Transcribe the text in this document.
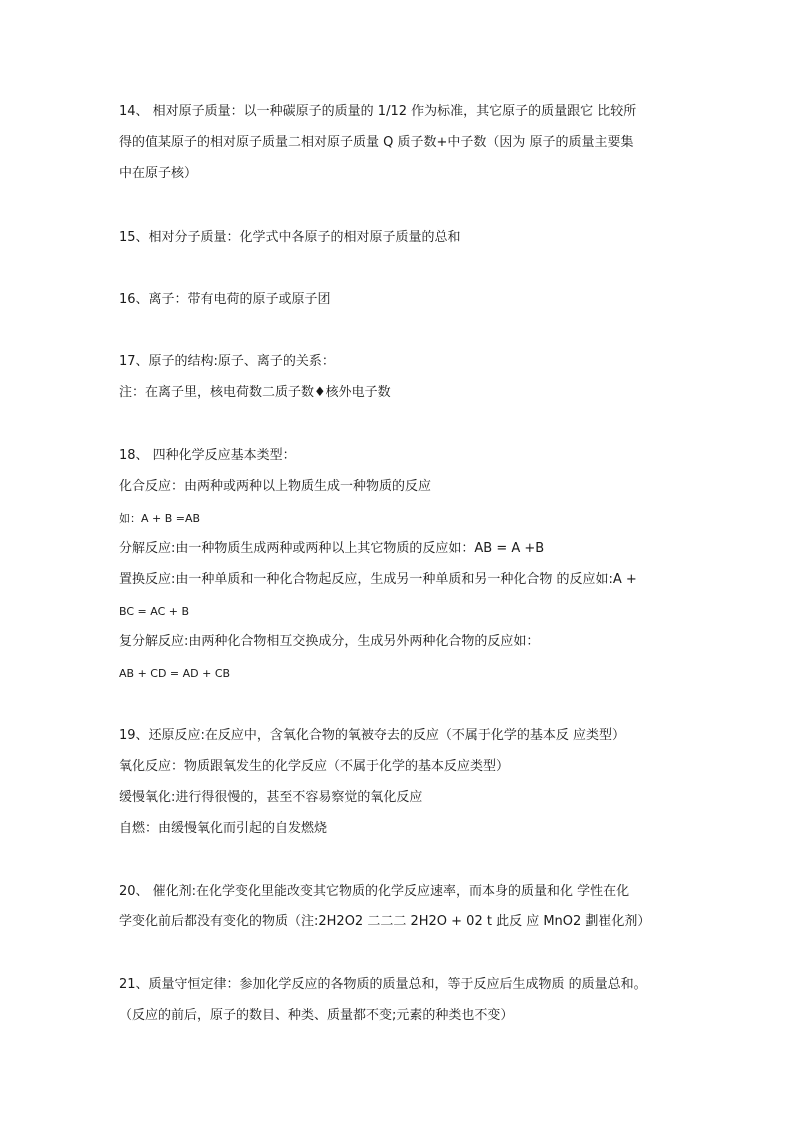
14、 相对原子质量：以一种碳原子的质量的 1/12 作为标准，其它原子的质量跟它 比较所
得的值某原子的相对原子质量二相对原子质量 Q 质子数+中子数（因为 原子的质量主要集
中在原子核）
15、相对分子质量：化学式中各原子的相对原子质量的总和
16、离子：带有电荷的原子或原子团
17、原子的结构:原子、离子的关系：
注：在离子里，核电荷数二质子数♦核外电子数
18、 四种化学反应基本类型：
化合反应：由两种或两种以上物质生成一种物质的反应
如：A + B =AB
分解反应:由一种物质生成两种或两种以上其它物质的反应如：AB = A +B
置换反应:由一种单质和一种化合物起反应，生成另一种单质和另一种化合物 的反应如:A +
BC = AC + B
复分解反应:由两种化合物相互交换成分，生成另外两种化合物的反应如：
AB + CD = AD + CB
19、还原反应:在反应中，含氧化合物的氧被夺去的反应（不属于化学的基本反 应类型）
氧化反应：物质跟氧发生的化学反应（不属于化学的基本反应类型）
缓慢氧化:进行得很慢的，甚至不容易察觉的氧化反应
自燃：由缓慢氧化而引起的自发燃烧
20、 催化剂:在化学变化里能改变其它物质的化学反应速率，而本身的质量和化 学性在化
学变化前后都没有变化的物质（注:2H2O2 二二二 2H2O + 02 t 此反 应 MnO2 劃崔化剂）
21、质量守恒定律：参加化学反应的各物质的质量总和，等于反应后生成物质 的质量总和。
（反应的前后，原子的数目、种类、质量都不变;元素的种类也不变）
